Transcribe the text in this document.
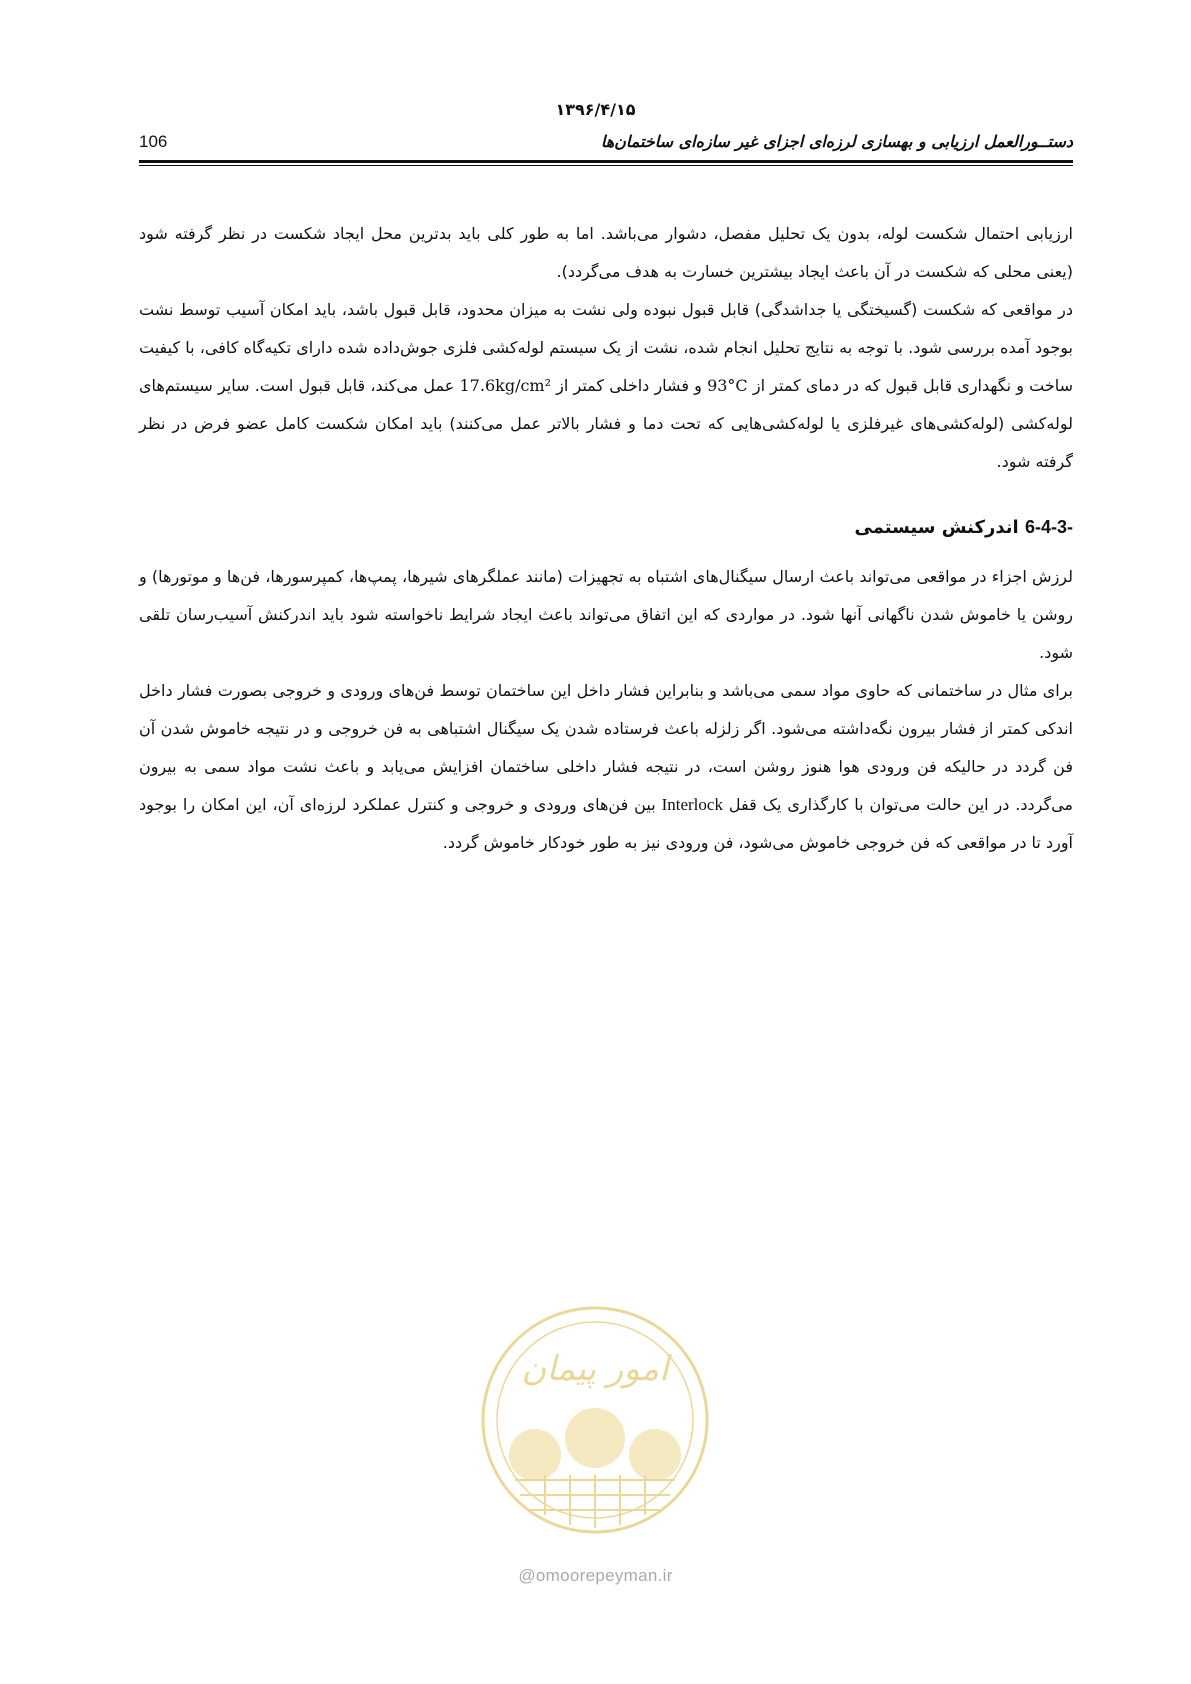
۱۳۹۶/۴/۱۵
106	دستــورالعمل ارزیابی و بهسازی لرزه‌ای اجزای غیر سازه‌ای ساختمان‌ها

ارزیابی احتمال شکست لوله، بدون یک تحلیل مفصل، دشوار می‌باشد. اما به طور کلی باید بدترین محل ایجاد شکست در نظر گرفته شود (یعنی محلی که شکست در آن باعث ایجاد بیشترین خسارت به هدف می‌گردد).

در مواقعی که شکست (گسیختگی یا جداشدگی) قابل قبول نبوده ولی نشت به میزان محدود، قابل قبول باشد، باید امکان آسیب توسط نشت بوجود آمده بررسی شود. با توجه به نتایج تحلیل انجام شده، نشت از یک سیستم لوله‌کشی فلزی جوش‌داده شده دارای تکیه‌گاه کافی، با کیفیت ساخت و نگهداری قابل قبول که در دمای کمتر از 93°C و فشار داخلی کمتر از 17.6kg/cm² عمل می‌کند، قابل قبول است. سایر سیستم‌های لوله‌کشی (لوله‌کشی‌های غیرفلزی یا لوله‌کشی‌هایی که تحت دما و فشار بالاتر عمل می‌کنند) باید امکان شکست کامل عضو فرض در نظر گرفته شود.

6-4-3- اندرکنش سیستمی

لرزش اجزاء در مواقعی می‌تواند باعث ارسال سیگنال‌های اشتباه به تجهیزات (مانند عملگرهای شیرها، پمپ‌ها، کمپرسورها، فن‌ها و موتورها) و روشن یا خاموش شدن ناگهانی آنها شود. در مواردی که این اتفاق می‌تواند باعث ایجاد شرایط ناخواسته شود باید اندرکنش آسیب‌رسان تلقی شود.

برای مثال در ساختمانی که حاوی مواد سمی می‌باشد و بنابراین فشار داخل این ساختمان توسط فن‌های ورودی و خروجی بصورت فشار داخل اندکی کمتر از فشار بیرون نگه‌داشته می‌شود. اگر زلزله باعث فرستاده شدن یک سیگنال اشتباهی به فن خروجی و در نتیجه خاموش شدن آن فن گردد در حالیکه فن ورودی هوا هنوز روشن است، در نتیجه فشار داخلی ساختمان افزایش می‌یابد و باعث نشت مواد سمی به بیرون می‌گردد. در این حالت می‌توان با کارگذاری یک قفل Interlock بین فن‌های ورودی و خروجی و کنترل عملکرد لرزه‌ای آن، این امکان را بوجود آورد تا در مواقعی که فن خروجی خاموش می‌شود، فن ورودی نیز به طور خودکار خاموش گردد.

امور پیمان
@omoorepeyman.ir
